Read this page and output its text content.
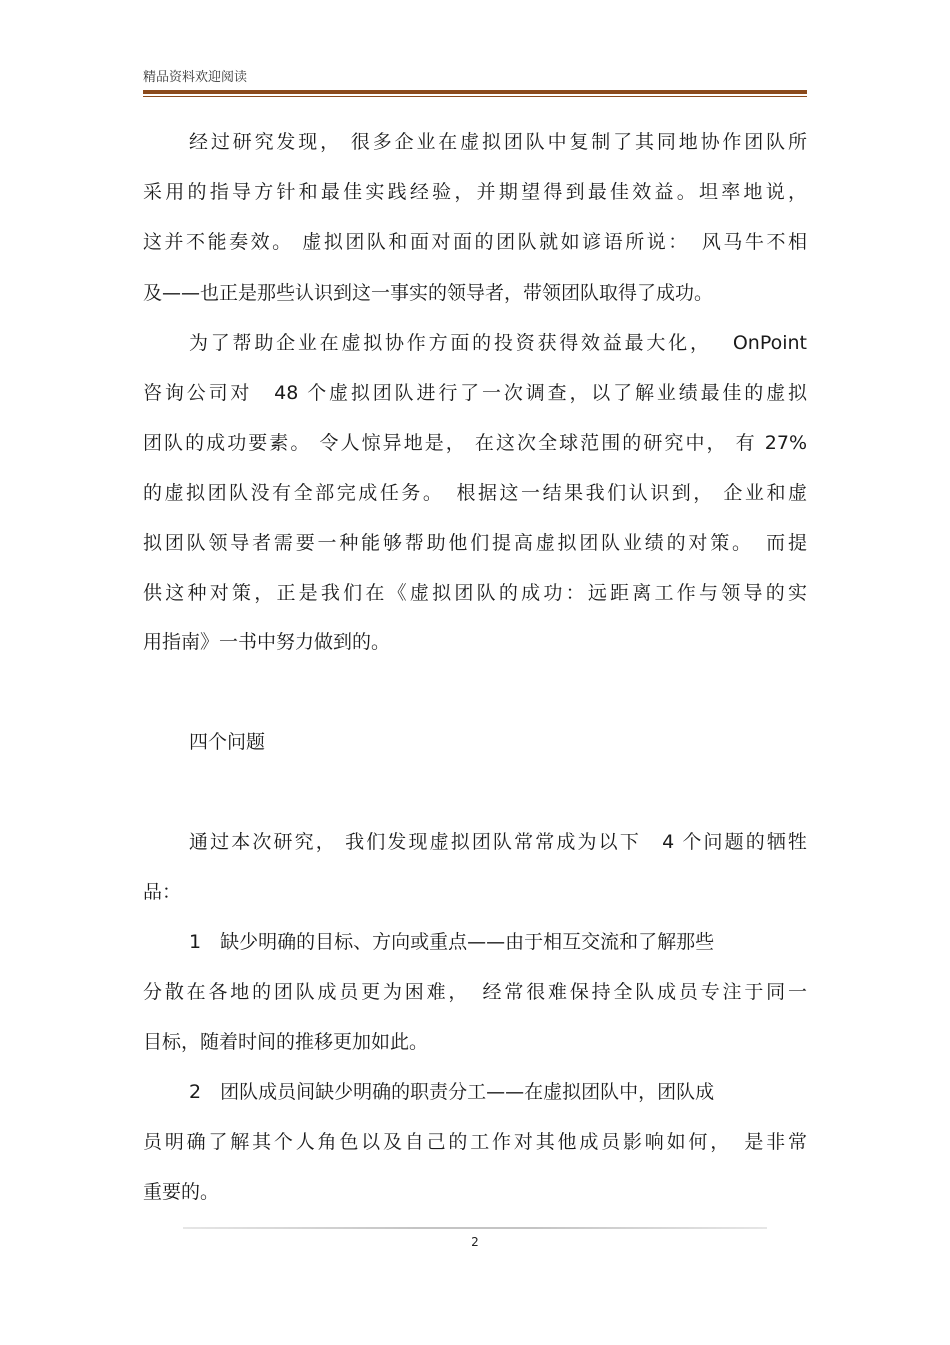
精品资料欢迎阅读
经过研究发现， 很多企业在虚拟团队中复制了其同地协作团队所
采用的指导方针和最佳实践经验，并期望得到最佳效益。坦率地说，
这并不能奏效。 虚拟团队和面对面的团队就如谚语所说：　风马牛不相
及——也正是那些认识到这一事实的领导者，带领团队取得了成功。
为了帮助企业在虚拟协作方面的投资获得效益最大化，　 OnPoint
咨询公司对　48 个虚拟团队进行了一次调查，以了解业绩最佳的虚拟
团队的成功要素。 令人惊异地是， 在这次全球范围的研究中， 有 27%
的虚拟团队没有全部完成任务。　根据这一结果我们认识到， 企业和虚
拟团队领导者需要一种能够帮助他们提高虚拟团队业绩的对策。　而提
供这种对策，正是我们在《虚拟团队的成功：远距离工作与领导的实
用指南》一书中努力做到的。
四个问题
通过本次研究， 我们发现虚拟团队常常成为以下　4 个问题的牺牲
品：
1　缺少明确的目标、方向或重点——由于相互交流和了解那些
分散在各地的团队成员更为困难，　经常很难保持全队成员专注于同一
目标，随着时间的推移更加如此。
2　团队成员间缺少明确的职责分工——在虚拟团队中，团队成
员明确了解其个人角色以及自己的工作对其他成员影响如何，　是非常
重要的。
2
